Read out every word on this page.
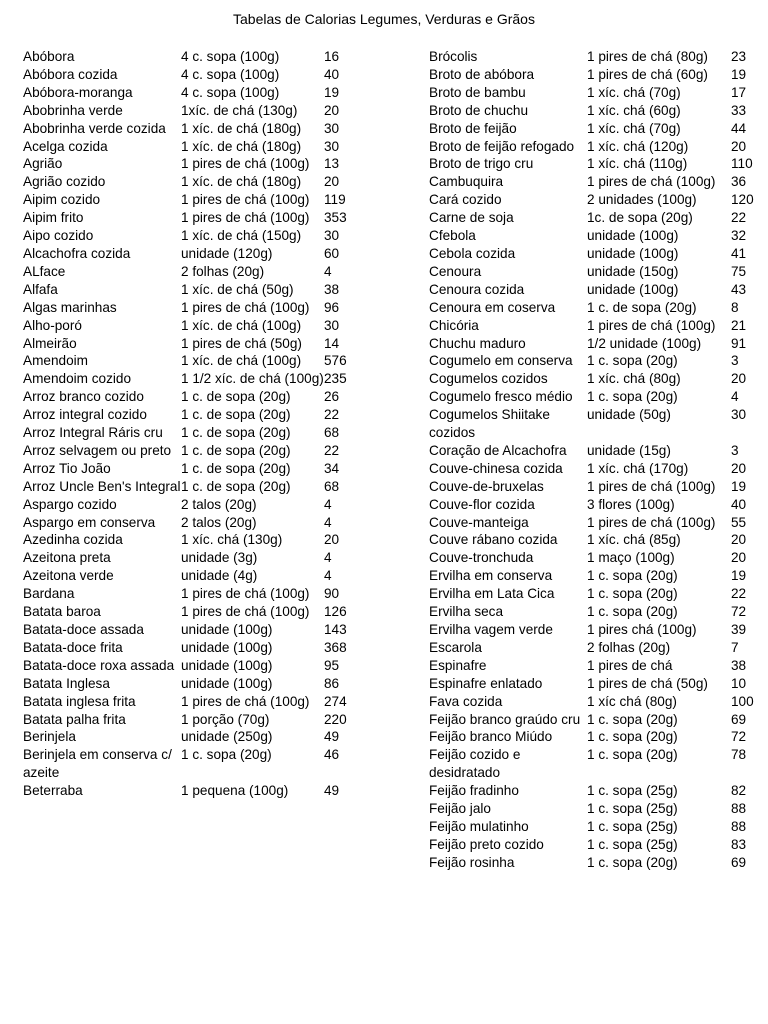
Tabelas de Calorias Legumes, Verduras e Grãos
Abóbora	4 c. sopa (100g)	16
Abóbora cozida	4 c. sopa (100g)	40
Abóbora-moranga	4 c. sopa (100g)	19
Abobrinha verde	1xíc. de chá (130g)	20
Abobrinha verde cozida	1 xíc. de chá (180g)	30
Acelga cozida	1 xíc. de chá (180g)	30
Agrião	1 pires de chá (100g)	13
Agrião cozido	1 xíc. de chá (180g)	20
Aipim cozido	1 pires de chá (100g)	119
Aipim frito	1 pires de chá (100g)	353
Aipo cozido	1 xíc. de chá (150g)	30
Alcachofra cozida	unidade (120g)	60
ALface	2 folhas (20g)	4
Alfafa	1 xíc. de chá (50g)	38
Algas marinhas	1 pires de chá (100g)	96
Alho-poró	1 xíc. de chá (100g)	30
Almeirão	1 pires de chá (50g)	14
Amendoim	1 xíc. de chá (100g)	576
Amendoim cozido	1 1/2 xíc. de chá (100g)	235
Arroz branco cozido	1 c. de sopa (20g)	26
Arroz integral cozido	1 c. de sopa (20g)	22
Arroz Integral Ráris cru	1 c. de sopa (20g)	68
Arroz selvagem ou preto	1 c. de sopa (20g)	22
Arroz Tio João	1 c. de sopa (20g)	34
Arroz Uncle Ben's Integral	1 c. de sopa (20g)	68
Aspargo cozido	2 talos (20g)	4
Aspargo em conserva	2 talos (20g)	4
Azedinha cozida	1 xíc. chá (130g)	20
Azeitona preta	unidade (3g)	4
Azeitona verde	unidade (4g)	4
Bardana	1 pires de chá (100g)	90
Batata baroa	1 pires de chá (100g)	126
Batata-doce assada	unidade (100g)	143
Batata-doce frita	unidade (100g)	368
Batata-doce roxa assada	unidade (100g)	95
Batata Inglesa	unidade (100g)	86
Batata inglesa frita	1 pires de chá (100g)	274
Batata palha frita	1 porção (70g)	220
Berinjela	unidade (250g)	49
Berinjela em conserva c/ azeite	1 c. sopa (20g)	46
Beterraba	1 pequena (100g)	49
Brócolis	1 pires de chá (80g)	23
Broto de abóbora	1 pires de chá (60g)	19
Broto de bambu	1 xíc. chá (70g)	17
Broto de chuchu	1 xíc. chá (60g)	33
Broto de feijão	1 xíc. chá (70g)	44
Broto de feijão refogado	1 xíc. chá (120g)	20
Broto de trigo cru	1 xíc. chá (110g)	110
Cambuquira	1 pires de chá (100g)	36
Cará cozido	2 unidades (100g)	120
Carne de soja	1c. de sopa (20g)	22
Cfebola	unidade (100g)	32
Cebola cozida	unidade (100g)	41
Cenoura	unidade (150g)	75
Cenoura cozida	unidade (100g)	43
Cenoura em coserva	1 c. de sopa (20g)	8
Chicória	1 pires de chá (100g)	21
Chuchu maduro	1/2 unidade (100g)	91
Cogumelo em conserva	1 c. sopa (20g)	3
Cogumelos cozidos	1 xíc. chá (80g)	20
Cogumelo fresco médio	1 c. sopa (20g)	4
Cogumelos Shiitake cozidos	unidade (50g)	30
Coração de Alcachofra	unidade (15g)	3
Couve-chinesa cozida	1 xíc. chá (170g)	20
Couve-de-bruxelas	1 pires de chá (100g)	19
Couve-flor cozida	3 flores (100g)	40
Couve-manteiga	1 pires de chá (100g)	55
Couve rábano cozida	1 xíc. chá (85g)	20
Couve-tronchuda	1 maço (100g)	20
Ervilha em conserva	1 c. sopa (20g)	19
Ervilha em Lata Cica	1 c. sopa (20g)	22
Ervilha seca	1 c. sopa (20g)	72
Ervilha vagem verde	1 pires chá (100g)	39
Escarola	2 folhas (20g)	7
Espinafre	1 pires de chá	38
Espinafre enlatado	1 pires de chá (50g)	10
Fava cozida	1 xíc chá (80g)	100
Feijão branco graúdo cru	1 c. sopa (20g)	69
Feijão branco Miúdo	1 c. sopa (20g)	72
Feijão cozido e desidratado	1 c. sopa (20g)	78
Feijão fradinho	1 c. sopa (25g)	82
Feijão jalo	1 c. sopa (25g)	88
Feijão mulatinho	1 c. sopa (25g)	88
Feijão preto cozido	1 c. sopa (25g)	83
Feijão rosinha	1 c. sopa (20g)	69
